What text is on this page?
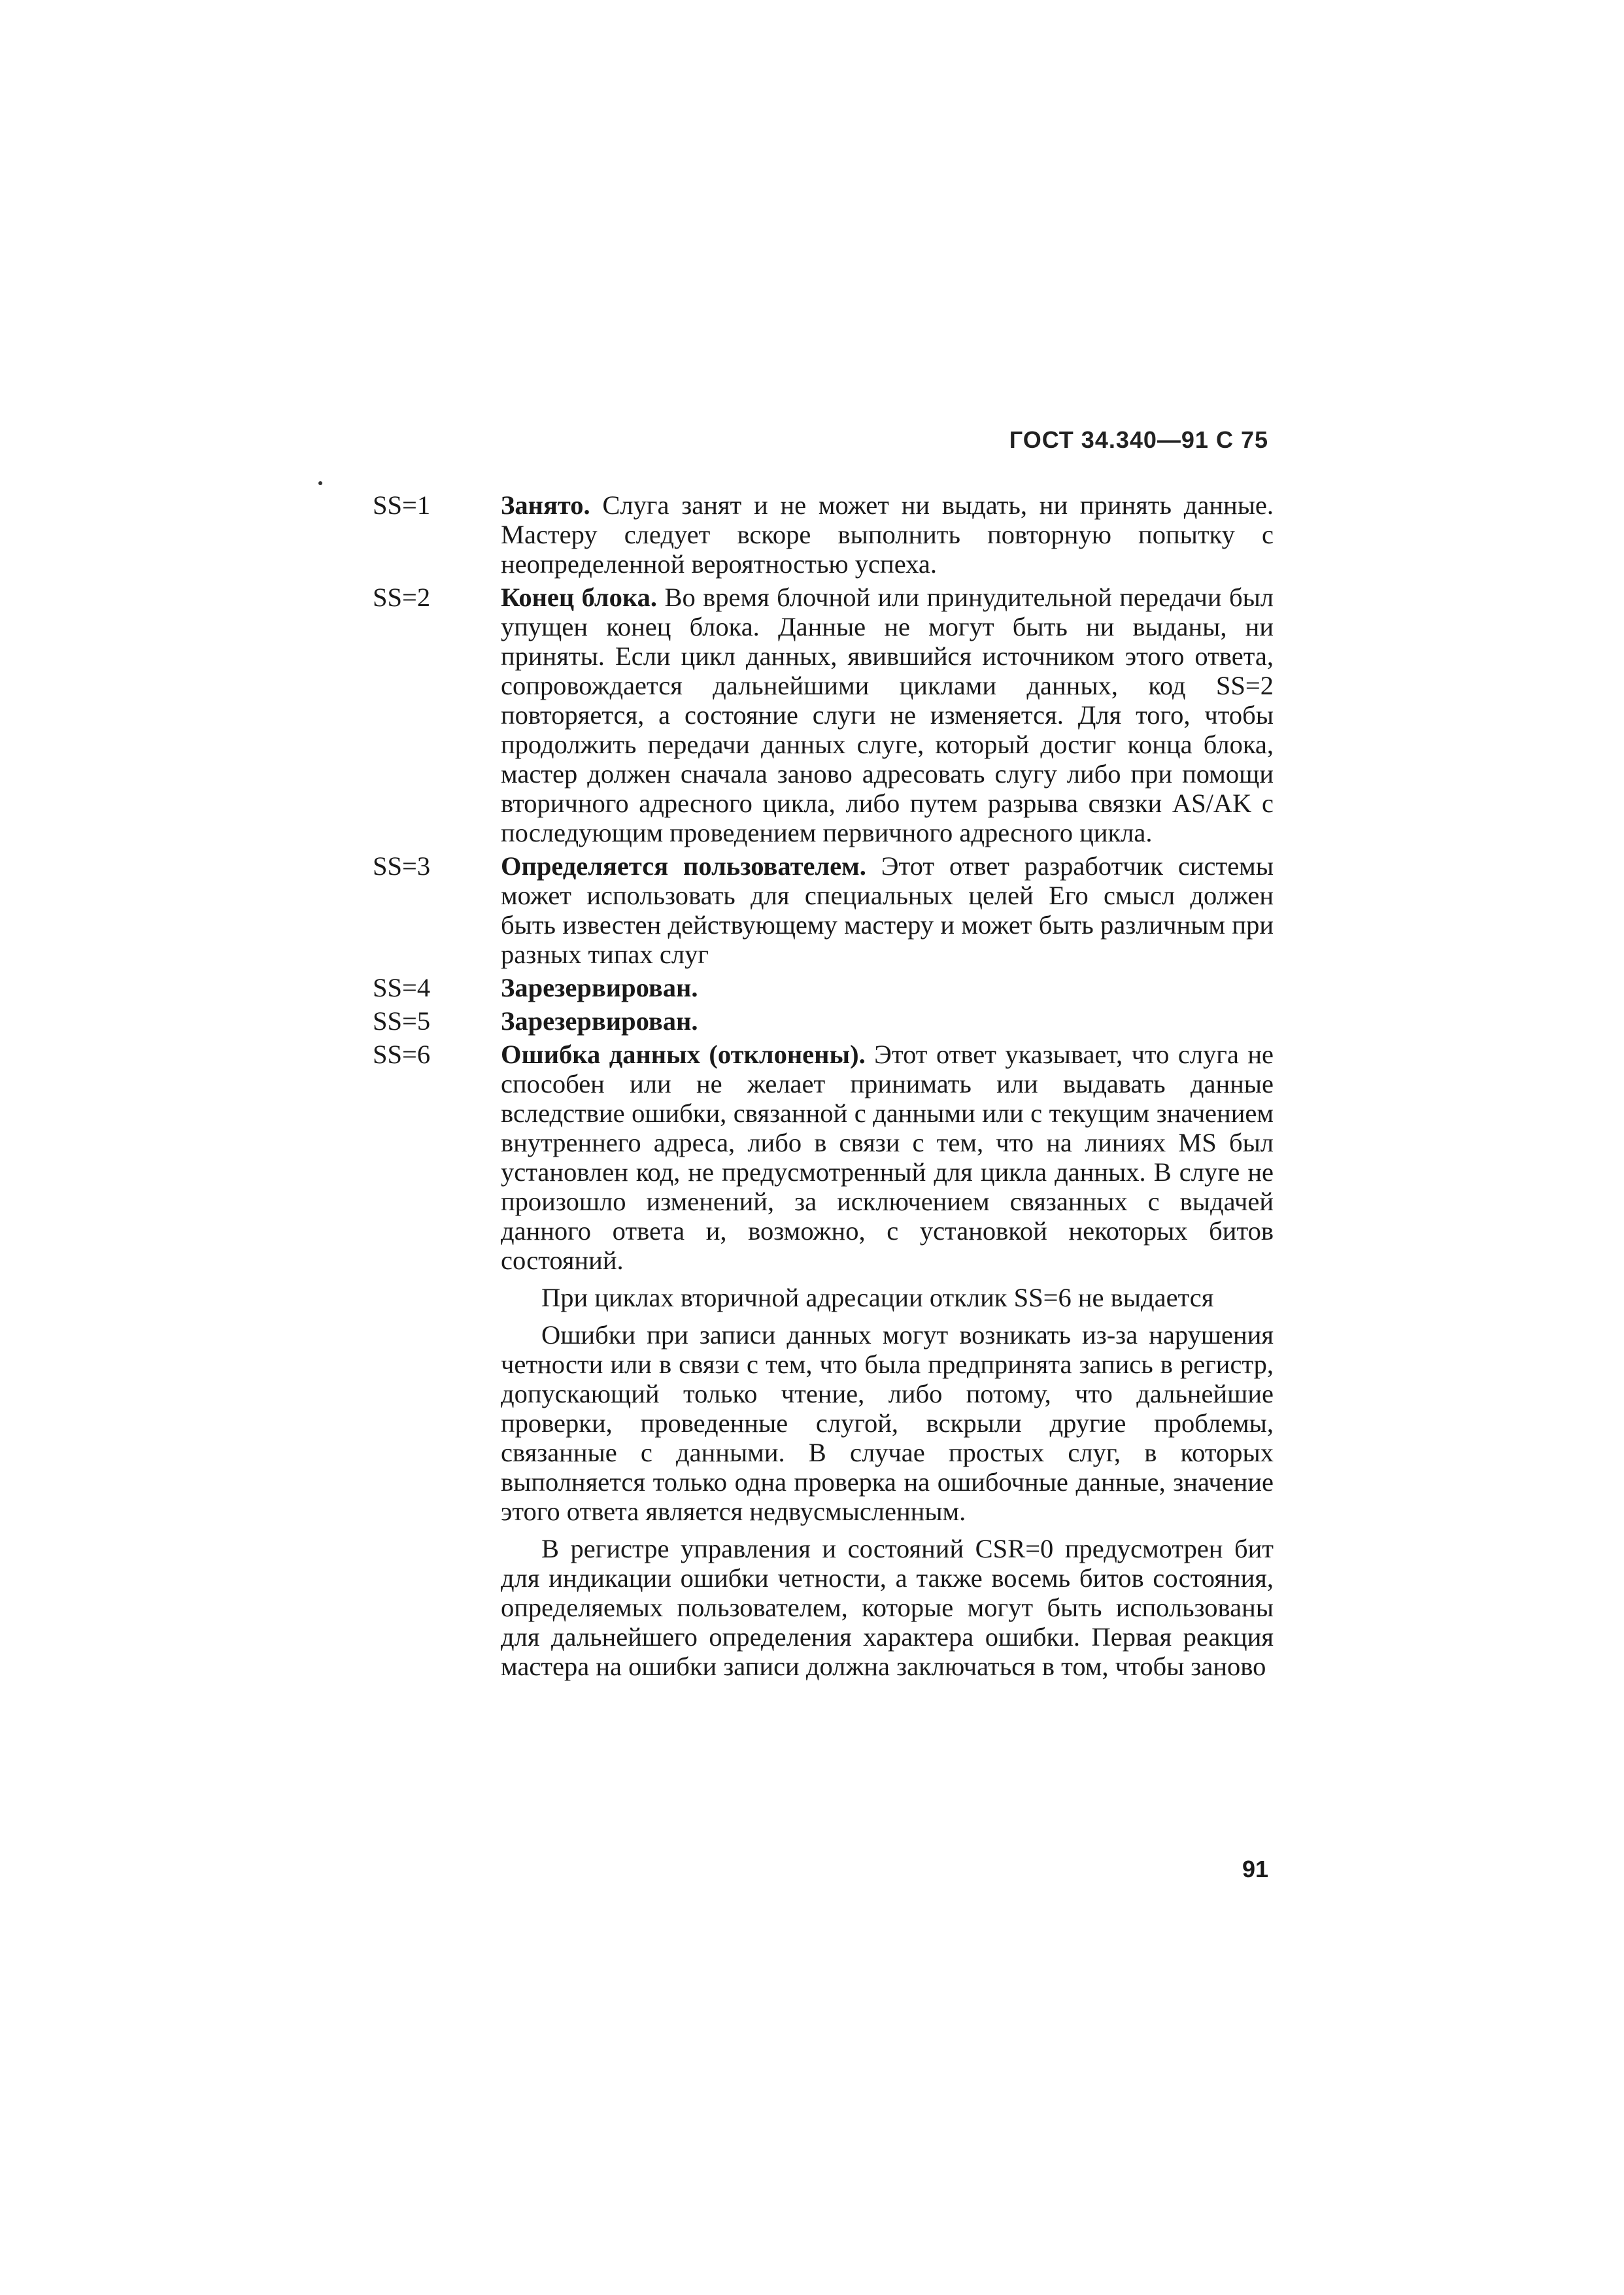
ГОСТ 34.340—91 С 75
SS=1	Занято. Слуга занят и не может ни выдать, ни принять данные. Мастеру следует вскоре выполнить повторную попытку с неопределенной вероятностью успеха.
SS=2	Конец блока. Во время блочной или принудительной передачи был упущен конец блока. Данные не могут быть ни выданы, ни приняты. Если цикл данных, явившийся источником этого ответа, сопровождается дальнейшими циклами данных, код SS=2 повторяется, а состояние слуги не изменяется. Для того, чтобы продолжить передачи данных слуге, который достиг конца блока, мастер должен сначала заново адресовать слугу либо при помощи вторичного адресного цикла, либо путем разрыва связки AS/AK с последующим проведением первичного адресного цикла.
SS=3	Определяется пользователем. Этот ответ разработчик системы может использовать для специальных целей Его смысл должен быть известен действующему мастеру и может быть различным при разных типах слуг
SS=4	Зарезервирован.
SS=5	Зарезервирован.
SS=6	Ошибка данных (отклонены). Этот ответ указывает, что слуга не способен или не желает принимать или выдавать данные вследствие ошибки, связанной с данными или с текущим значением внутреннего адреса, либо в связи с тем, что на линиях MS был установлен код, не предусмотренный для цикла данных. В слуге не произошло изменений, за исключением связанных с выдачей данного ответа и, возможно, с установкой некоторых битов состояний.

При циклах вторичной адресации отклик SS=6 не выдается

Ошибки при записи данных могут возникать из-за нарушения четности или в связи с тем, что была предпринята запись в регистр, допускающий только чтение, либо потому, что дальнейшие проверки, проведенные слугой, вскрыли другие проблемы, связанные с данными. В случае простых слуг, в которых выполняется только одна проверка на ошибочные данные, значение этого ответа является недвусмысленным.

В регистре управления и состояний CSR=0 предусмотрен бит для индикации ошибки четности, а также восемь битов состояния, определяемых пользователем, которые могут быть использованы для дальнейшего определения характера ошибки. Первая реакция мастера на ошибки записи должна заключаться в том, чтобы заново

91
